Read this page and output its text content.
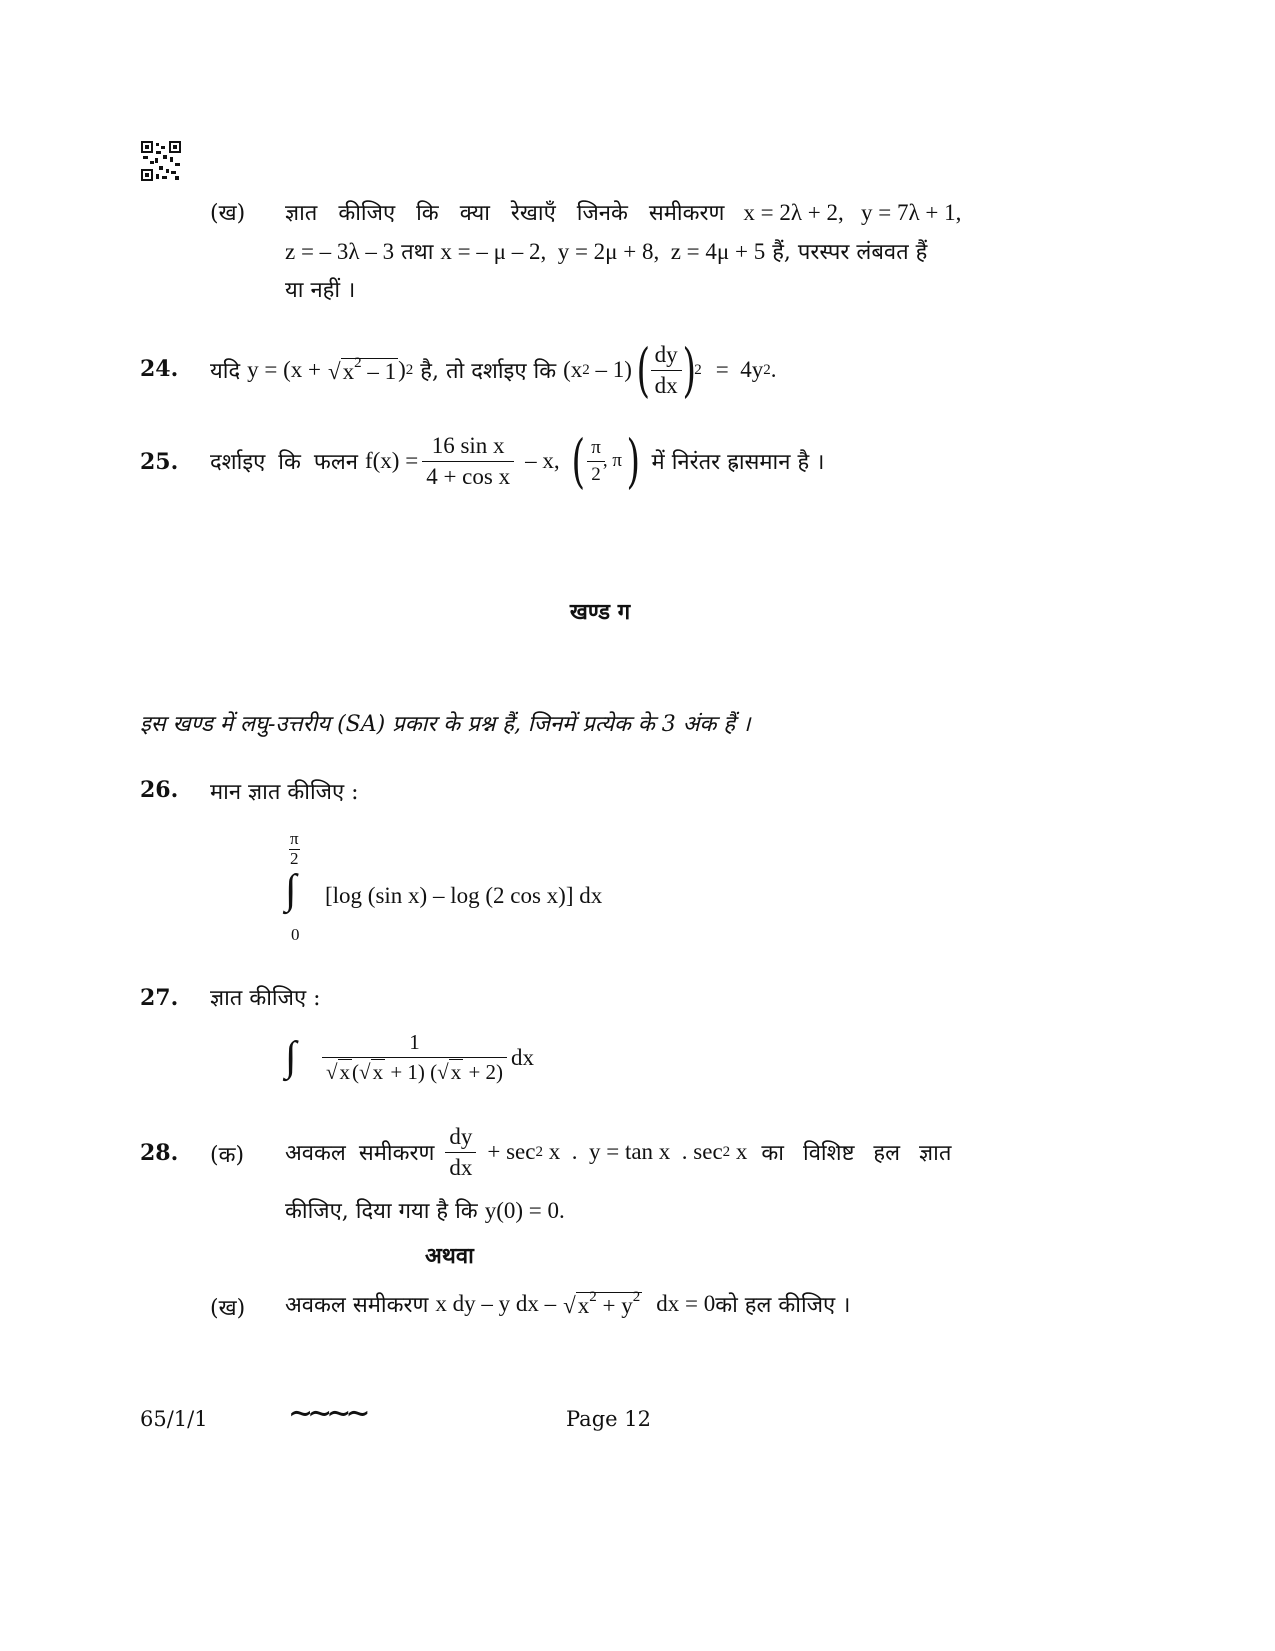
(ख) ज्ञात कीजिए कि क्या रेखाएँ जिनके समीकरण x = 2λ + 2,   y = 7λ + 1,
z = – 3λ – 3 तथा x = – μ – 2,  y = 2μ + 8,  z = 4μ + 5 हैं, परस्पर लंबवत हैं
या नहीं ।
24. यदि
y = (x +
$√x^2 - 1$ ) 2
है, तो दर्शाइए कि
(x 2 – 1) ( $\frac{dy}{dx}$ )
2
=  4y 2 .
25. दर्शाइए कि फलन
$f(x) = \frac{\text{16 sin x}}{\text{4 + cos x}}$
– x,
( $\frac{\pi}{2}$
, π )
में निरंतर ह्रासमान है ।
खण्ड ग
इस खण्ड में लघु-उत्तरीय (SA) प्रकार के प्रश्न हैं, जिनमें प्रत्येक के 3 अंक हैं ।
26. मान ज्ञात कीजिए :
$\frac{\pi}{2}$
∫
0
[log (sin x) – log (2 cos x)] dx
27. ज्ञात कीजिए :
∫ $\frac{1}{√x(√x + 1) (√x + 2)}$ dx
28. (क) अवकल समीकरण
$\frac{dy}{dx}$
+ sec 2 x  .  y = tan x  . sec 2 x
का विशिष्ट हल ज्ञात
कीजिए, दिया गया है कि y(0) = 0.
अथवा
(ख) अवकल समीकरण
x dy – y dx –
$√x^2 + y^2$
dx = 0 को हल कीजिए ।
65/1/1	∼∼∼∼	Page 12
